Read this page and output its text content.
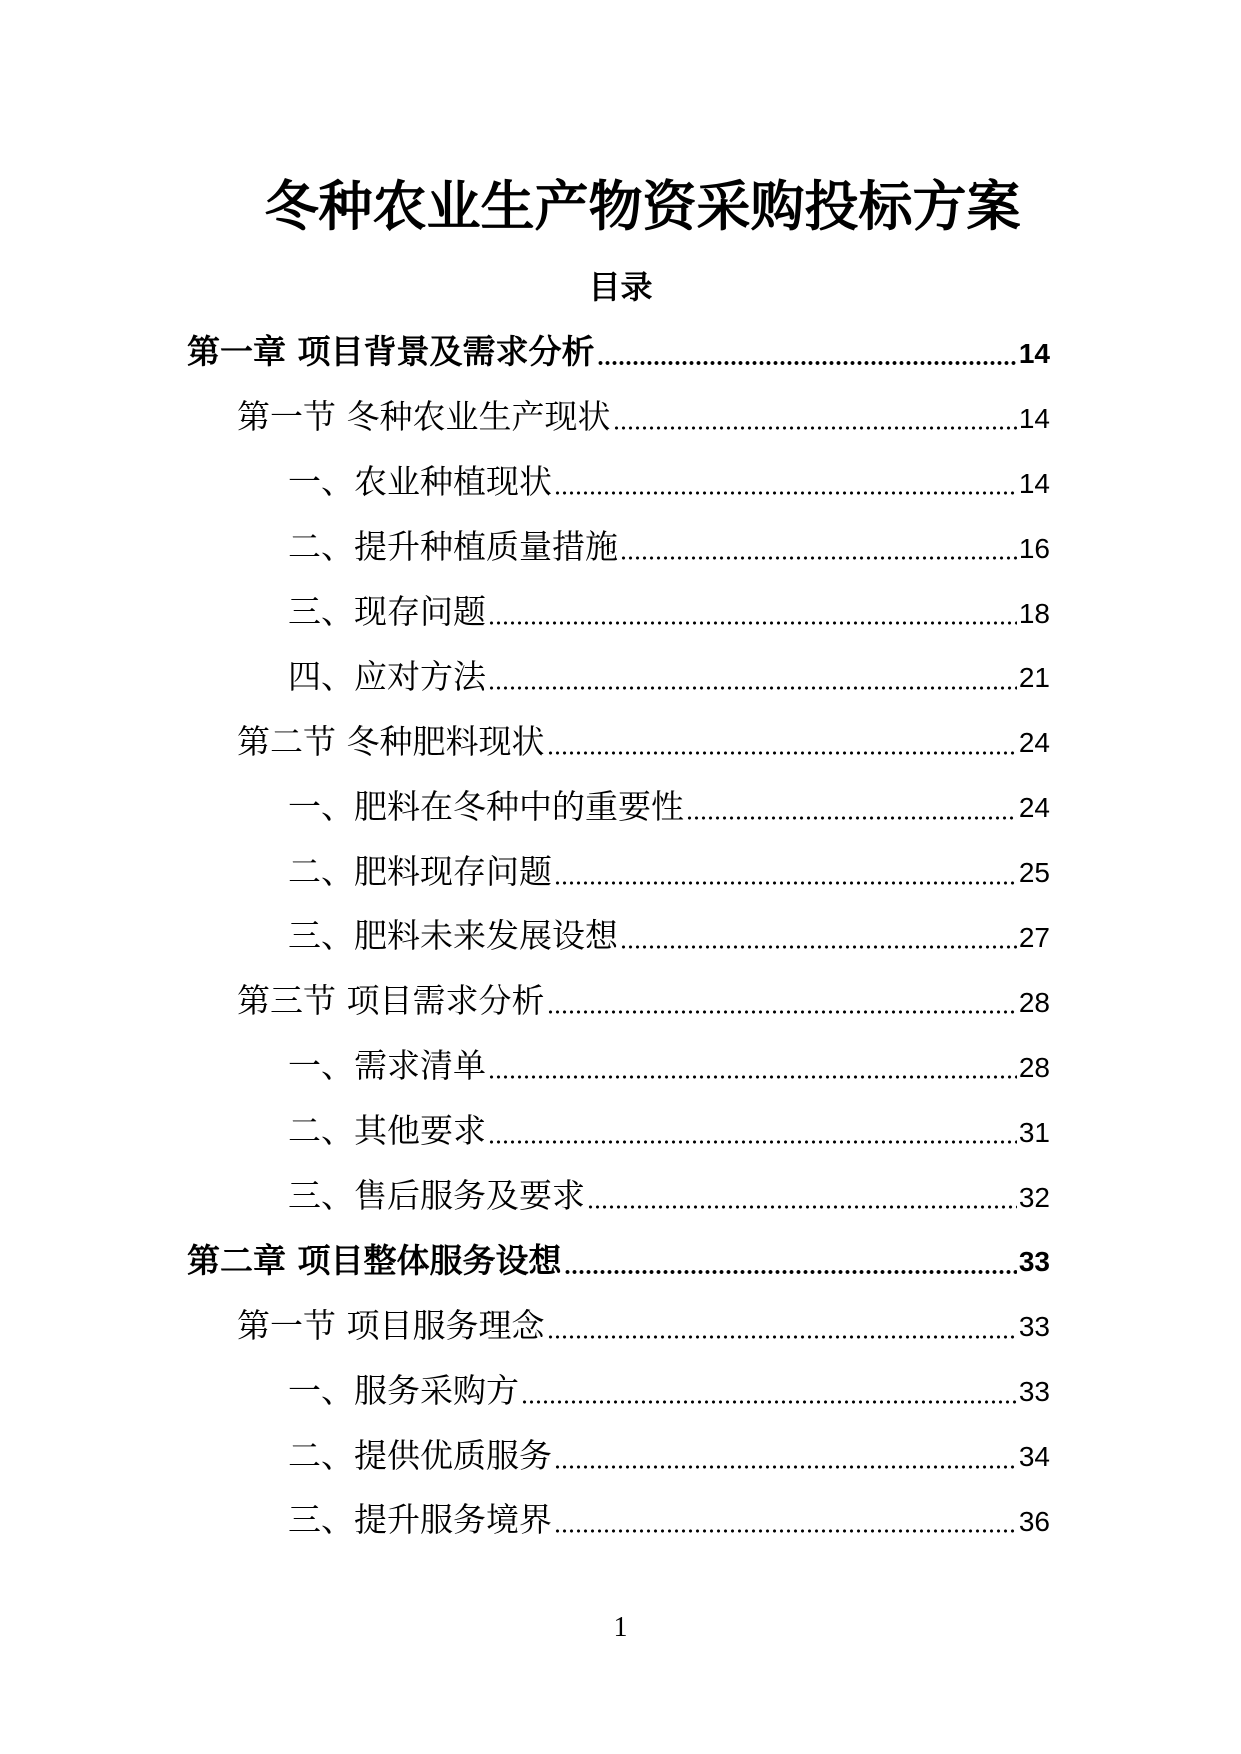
冬种农业生产物资采购投标方案
目录
第一章 项目背景及需求分析	14
第一节 冬种农业生产现状	14
一、农业种植现状	14
二、提升种植质量措施	16
三、现存问题	18
四、应对方法	21
第二节 冬种肥料现状	24
一、肥料在冬种中的重要性	24
二、肥料现存问题	25
三、肥料未来发展设想	27
第三节 项目需求分析	28
一、需求清单	28
二、其他要求	31
三、售后服务及要求	32
第二章 项目整体服务设想	33
第一节 项目服务理念	33
一、服务采购方	33
二、提供优质服务	34
三、提升服务境界	36
1
